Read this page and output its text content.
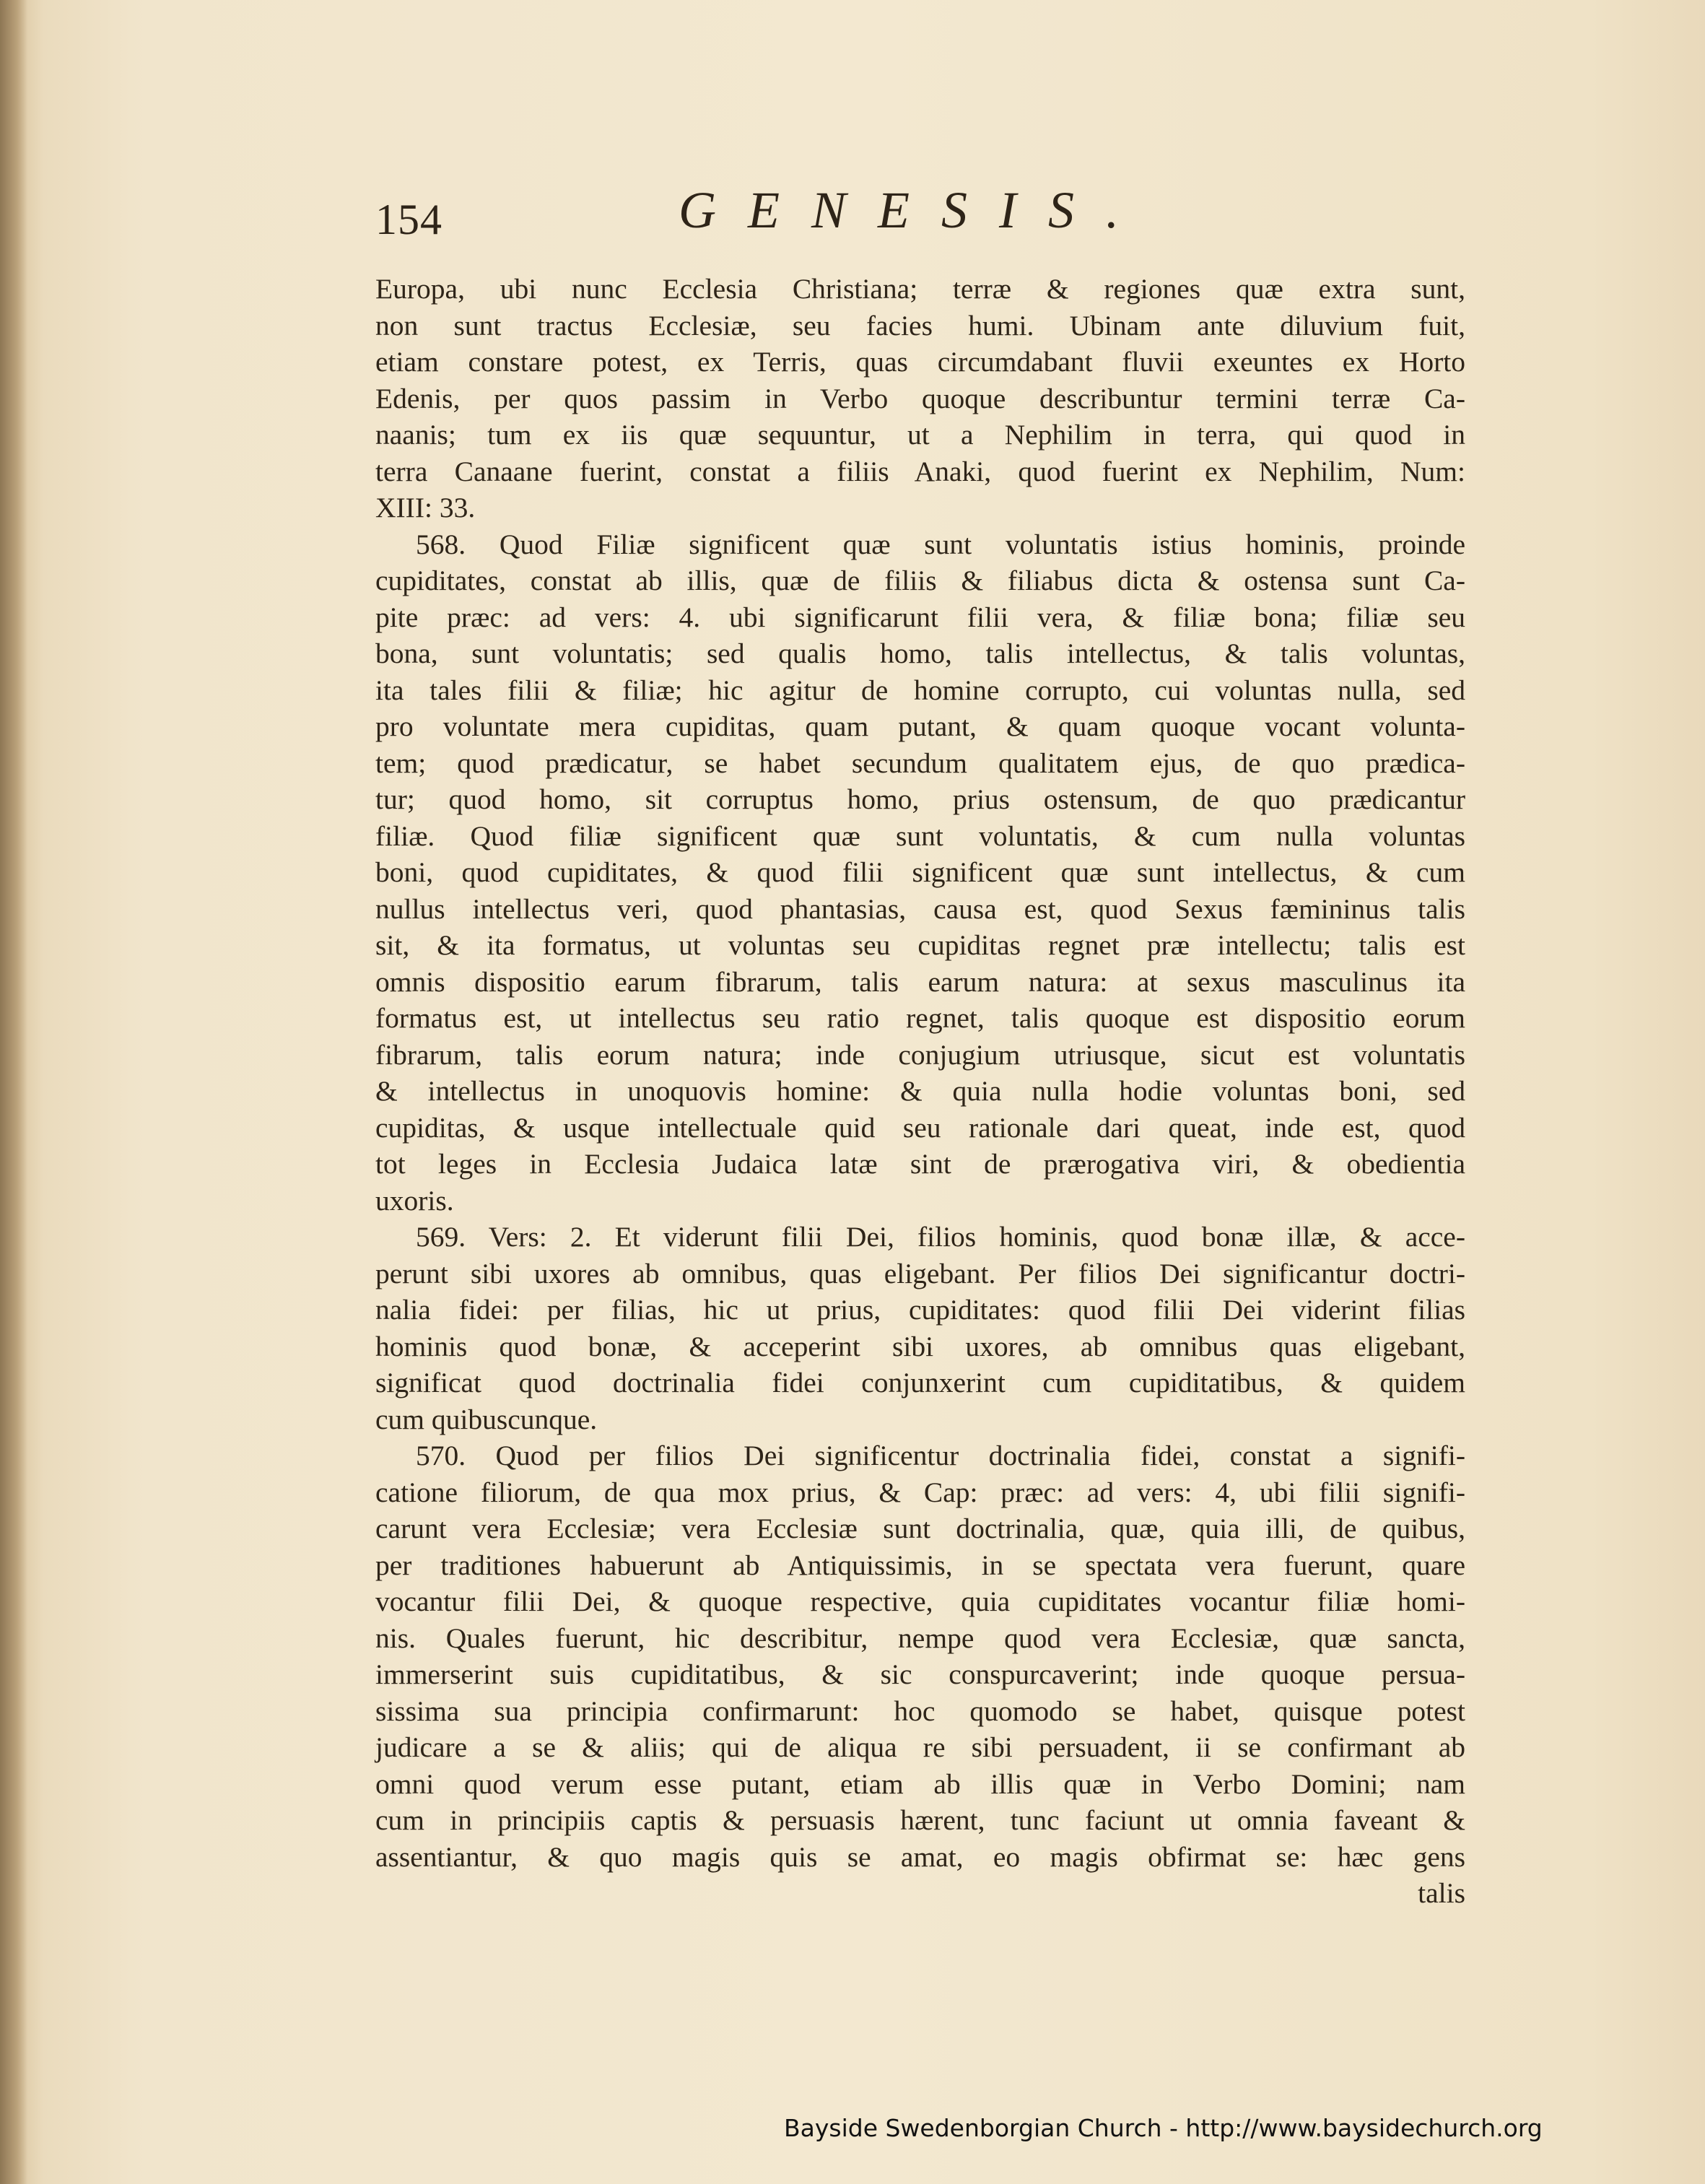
154	GENESIS.
Europa, ubi nunc Ecclesia Christiana; terræ & regiones quæ extra sunt,
non sunt tractus Ecclesiæ, seu facies humi. Ubinam ante diluvium fuit,
etiam constare potest, ex Terris, quas circumdabant fluvii exeuntes ex Horto
Edenis, per quos passim in Verbo quoque describuntur termini terræ Ca-
naanis; tum ex iis quæ sequuntur, ut a Nephilim in terra, qui quod in
terra Canaane fuerint, constat a filiis Anaki, quod fuerint ex Nephilim, Num:
XIII: 33.
568. Quod Filiæ significent quæ sunt voluntatis istius hominis, proinde
cupiditates, constat ab illis, quæ de filiis & filiabus dicta & ostensa sunt Ca-
pite præc: ad vers: 4. ubi significarunt filii vera, & filiæ bona; filiæ seu
bona, sunt voluntatis; sed qualis homo, talis intellectus, & talis voluntas,
ita tales filii & filiæ; hic agitur de homine corrupto, cui voluntas nulla, sed
pro voluntate mera cupiditas, quam putant, & quam quoque vocant volunta-
tem; quod prædicatur, se habet secundum qualitatem ejus, de quo prædica-
tur; quod homo, sit corruptus homo, prius ostensum, de quo prædicantur
filiæ. Quod filiæ significent quæ sunt voluntatis, & cum nulla voluntas
boni, quod cupiditates, & quod filii significent quæ sunt intellectus, & cum
nullus intellectus veri, quod phantasias, causa est, quod Sexus fæmininus talis
sit, & ita formatus, ut voluntas seu cupiditas regnet præ intellectu; talis est
omnis dispositio earum fibrarum, talis earum natura: at sexus masculinus ita
formatus est, ut intellectus seu ratio regnet, talis quoque est dispositio eorum
fibrarum, talis eorum natura; inde conjugium utriusque, sicut est voluntatis
& intellectus in unoquovis homine: & quia nulla hodie voluntas boni, sed
cupiditas, & usque intellectuale quid seu rationale dari queat, inde est, quod
tot leges in Ecclesia Judaica latæ sint de prærogativa viri, & obedientia
uxoris.
569. Vers: 2. Et viderunt filii Dei, filios hominis, quod bonæ illæ, & acce-
perunt sibi uxores ab omnibus, quas eligebant. Per filios Dei significantur doctri-
nalia fidei: per filias, hic ut prius, cupiditates: quod filii Dei viderint filias
hominis quod bonæ, & acceperint sibi uxores, ab omnibus quas eligebant,
significat quod doctrinalia fidei conjunxerint cum cupiditatibus, & quidem
cum quibuscunque.
570. Quod per filios Dei significentur doctrinalia fidei, constat a signifi-
catione filiorum, de qua mox prius, & Cap: præc: ad vers: 4, ubi filii signifi-
carunt vera Ecclesiæ; vera Ecclesiæ sunt doctrinalia, quæ, quia illi, de quibus,
per traditiones habuerunt ab Antiquissimis, in se spectata vera fuerunt, quare
vocantur filii Dei, & quoque respective, quia cupiditates vocantur filiæ homi-
nis. Quales fuerunt, hic describitur, nempe quod vera Ecclesiæ, quæ sancta,
immerserint suis cupiditatibus, & sic conspurcaverint; inde quoque persua-
sissima sua principia confirmarunt: hoc quomodo se habet, quisque potest
judicare a se & aliis; qui de aliqua re sibi persuadent, ii se confirmant ab
omni quod verum esse putant, etiam ab illis quæ in Verbo Domini; nam
cum in principiis captis & persuasis hærent, tunc faciunt ut omnia faveant &
assentiantur, & quo magis quis se amat, eo magis obfirmat se: hæc gens
talis
Bayside Swedenborgian Church - http://www.baysidechurch.org
